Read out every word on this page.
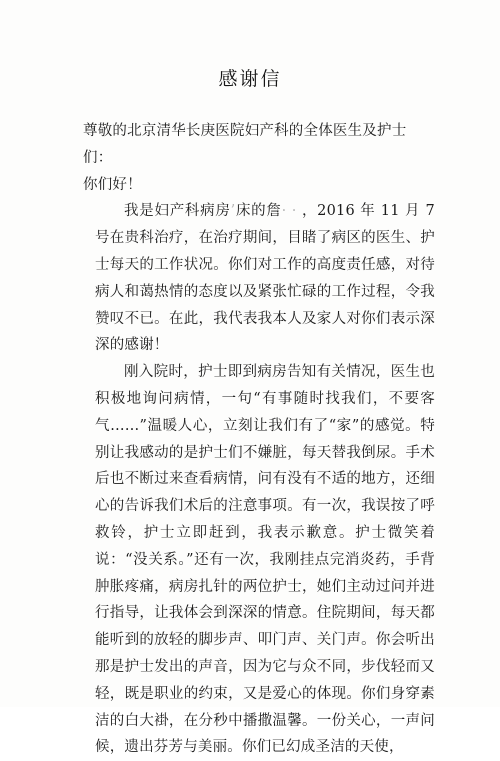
感谢信

尊敬的北京清华长庚医院妇产科的全体医生及护士们：

你们好！

我是妇产科病房’床的詹· · ，2016 年 11 月 7 号在贵科治疗，在治疗期间，目睹了病区的医生、护士每天的工作状况。你们对工作的高度责任感，对待病人和蔼热情的态度以及紧张忙碌的工作过程，令我赞叹不已。在此，我代表我本人及家人对你们表示深深的感谢！

刚入院时，护士即到病房告知有关情况，医生也积极地询问病情，一句“有事随时找我们，不要客气……”温暖人心，立刻让我们有了“家”的感觉。特别让我感动的是护士们不嫌脏，每天替我倒尿。手术后也不断过来查看病情，问有没有不适的地方，还细心的告诉我们术后的注意事项。有一次，我误按了呼救铃，护士立即赶到，我表示歉意。护士微笑着说：“没关系。”还有一次，我刚挂点完消炎药，手背肿胀疼痛，病房扎针的两位护士，她们主动过问并进行指导，让我体会到深深的情意。住院期间，每天都能听到的放轻的脚步声、叩门声、关门声。你会听出那是护士发出的声音，因为它与众不同，步伐轻而又轻，既是职业的约束，又是爱心的体现。你们身穿素洁的白大褂，在分秒中播撒温馨。一份关心，一声问候，遗出芬芳与美丽。你们已幻成圣洁的天使，
